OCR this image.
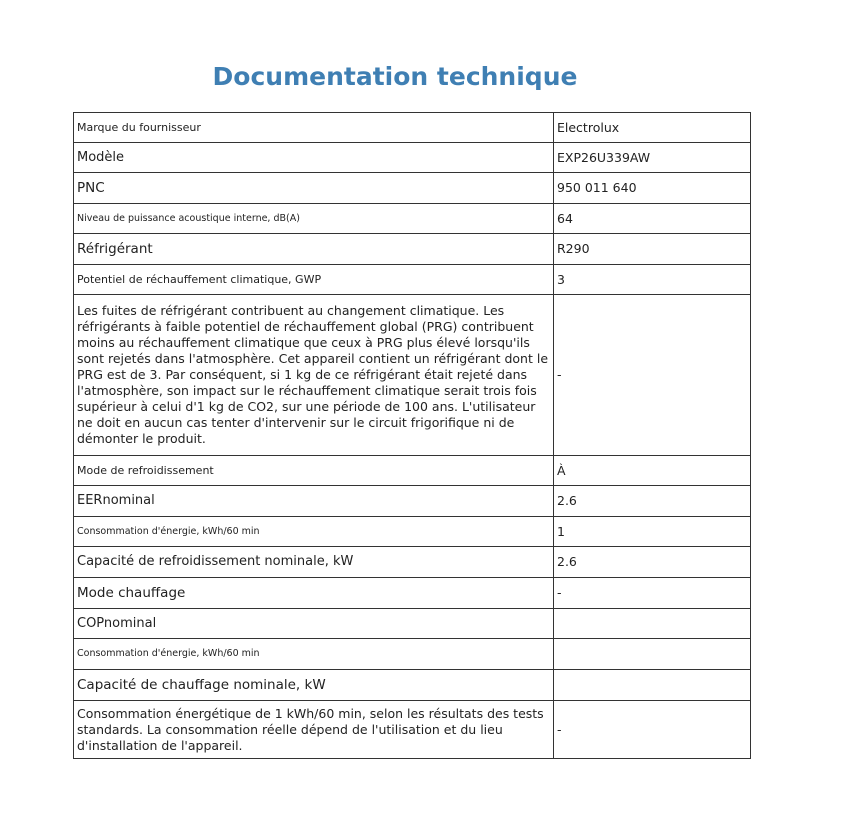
Documentation technique
Marque du fournisseur	Electrolux
Modèle	EXP26U339AW
PNC	950 011 640
Niveau de puissance acoustique interne, dB(A)	64
Réfrigérant	R290
Potentiel de réchauffement climatique, GWP	3
Les fuites de réfrigérant contribuent au changement climatique. Les réfrigérants à faible potentiel de réchauffement global (PRG) contribuent moins au réchauffement climatique que ceux à PRG plus élevé lorsqu'ils sont rejetés dans l'atmosphère. Cet appareil contient un réfrigérant dont le PRG est de 3. Par conséquent, si 1 kg de ce réfrigérant était rejeté dans l'atmosphère, son impact sur le réchauffement climatique serait trois fois supérieur à celui d'1 kg de CO2, sur une période de 100 ans. L'utilisateur ne doit en aucun cas tenter d'intervenir sur le circuit frigorifique ni de démonter le produit.	-
Mode de refroidissement	À
EERnominal	2.6
Consommation d'énergie, kWh/60 min	1
Capacité de refroidissement nominale, kW	2.6
Mode chauffage	-
COPnominal	
Consommation d'énergie, kWh/60 min	
Capacité de chauffage nominale, kW	
Consommation énergétique de 1 kWh/60 min, selon les résultats des tests standards. La consommation réelle dépend de l'utilisation et du lieu d'installation de l'appareil.	-
